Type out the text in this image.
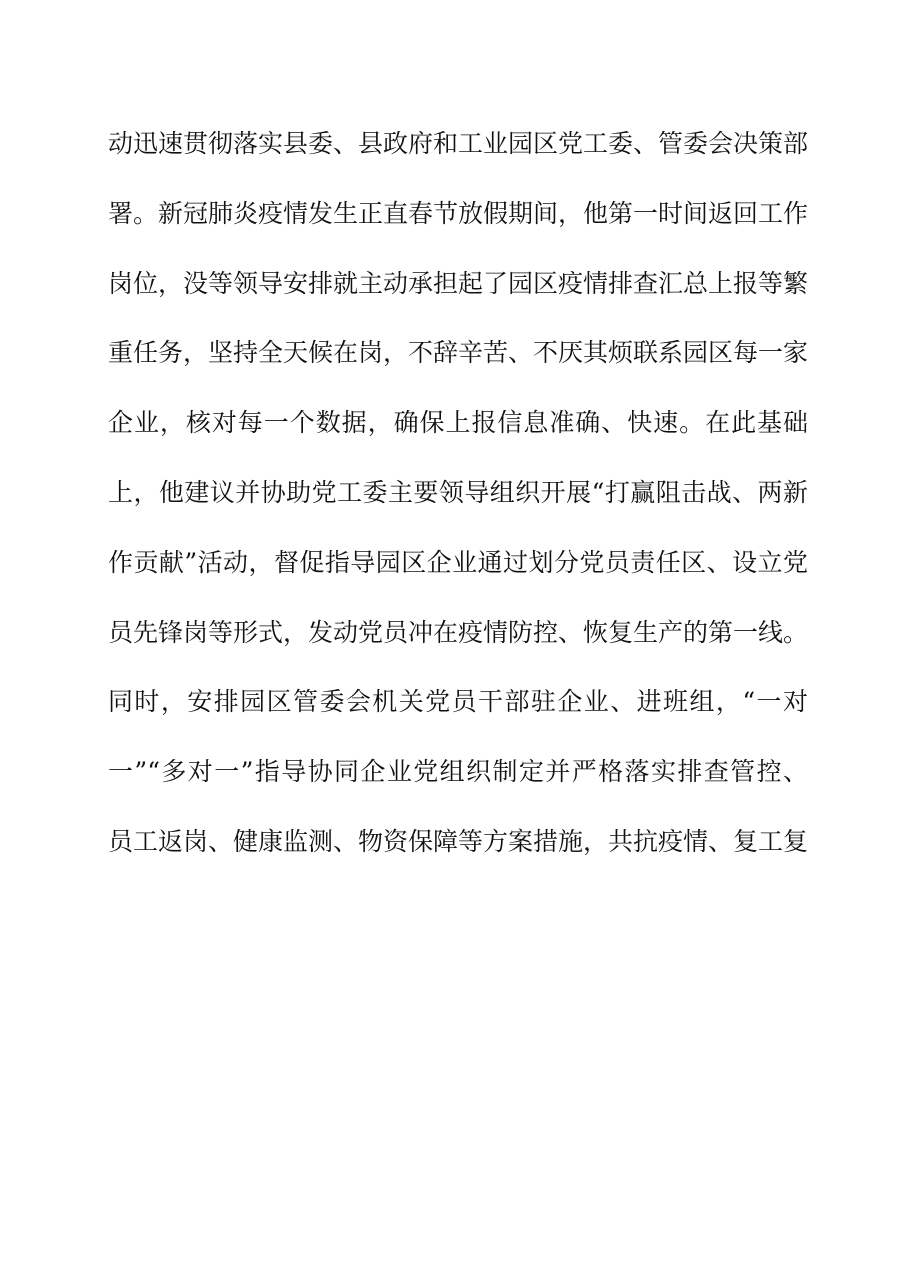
动迅速贯彻落实县委、县政府和工业园区党工委、管委会决策部
署。新冠肺炎疫情发生正直春节放假期间，他第一时间返回工作
岗位，没等领导安排就主动承担起了园区疫情排查汇总上报等繁
重任务，坚持全天候在岗，不辞辛苦、不厌其烦联系园区每一家
企业，核对每一个数据，确保上报信息准确、快速。在此基础
上，他建议并协助党工委主要领导组织开展“打赢阻击战、两新
作贡献”活动，督促指导园区企业通过划分党员责任区、设立党
员先锋岗等形式，发动党员冲在疫情防控、恢复生产的第一线。
同时，安排园区管委会机关党员干部驻企业、进班组，“一对
一”“多对一”指导协同企业党组织制定并严格落实排查管控、
员工返岗、健康监测、物资保障等方案措施，共抗疫情、复工复
